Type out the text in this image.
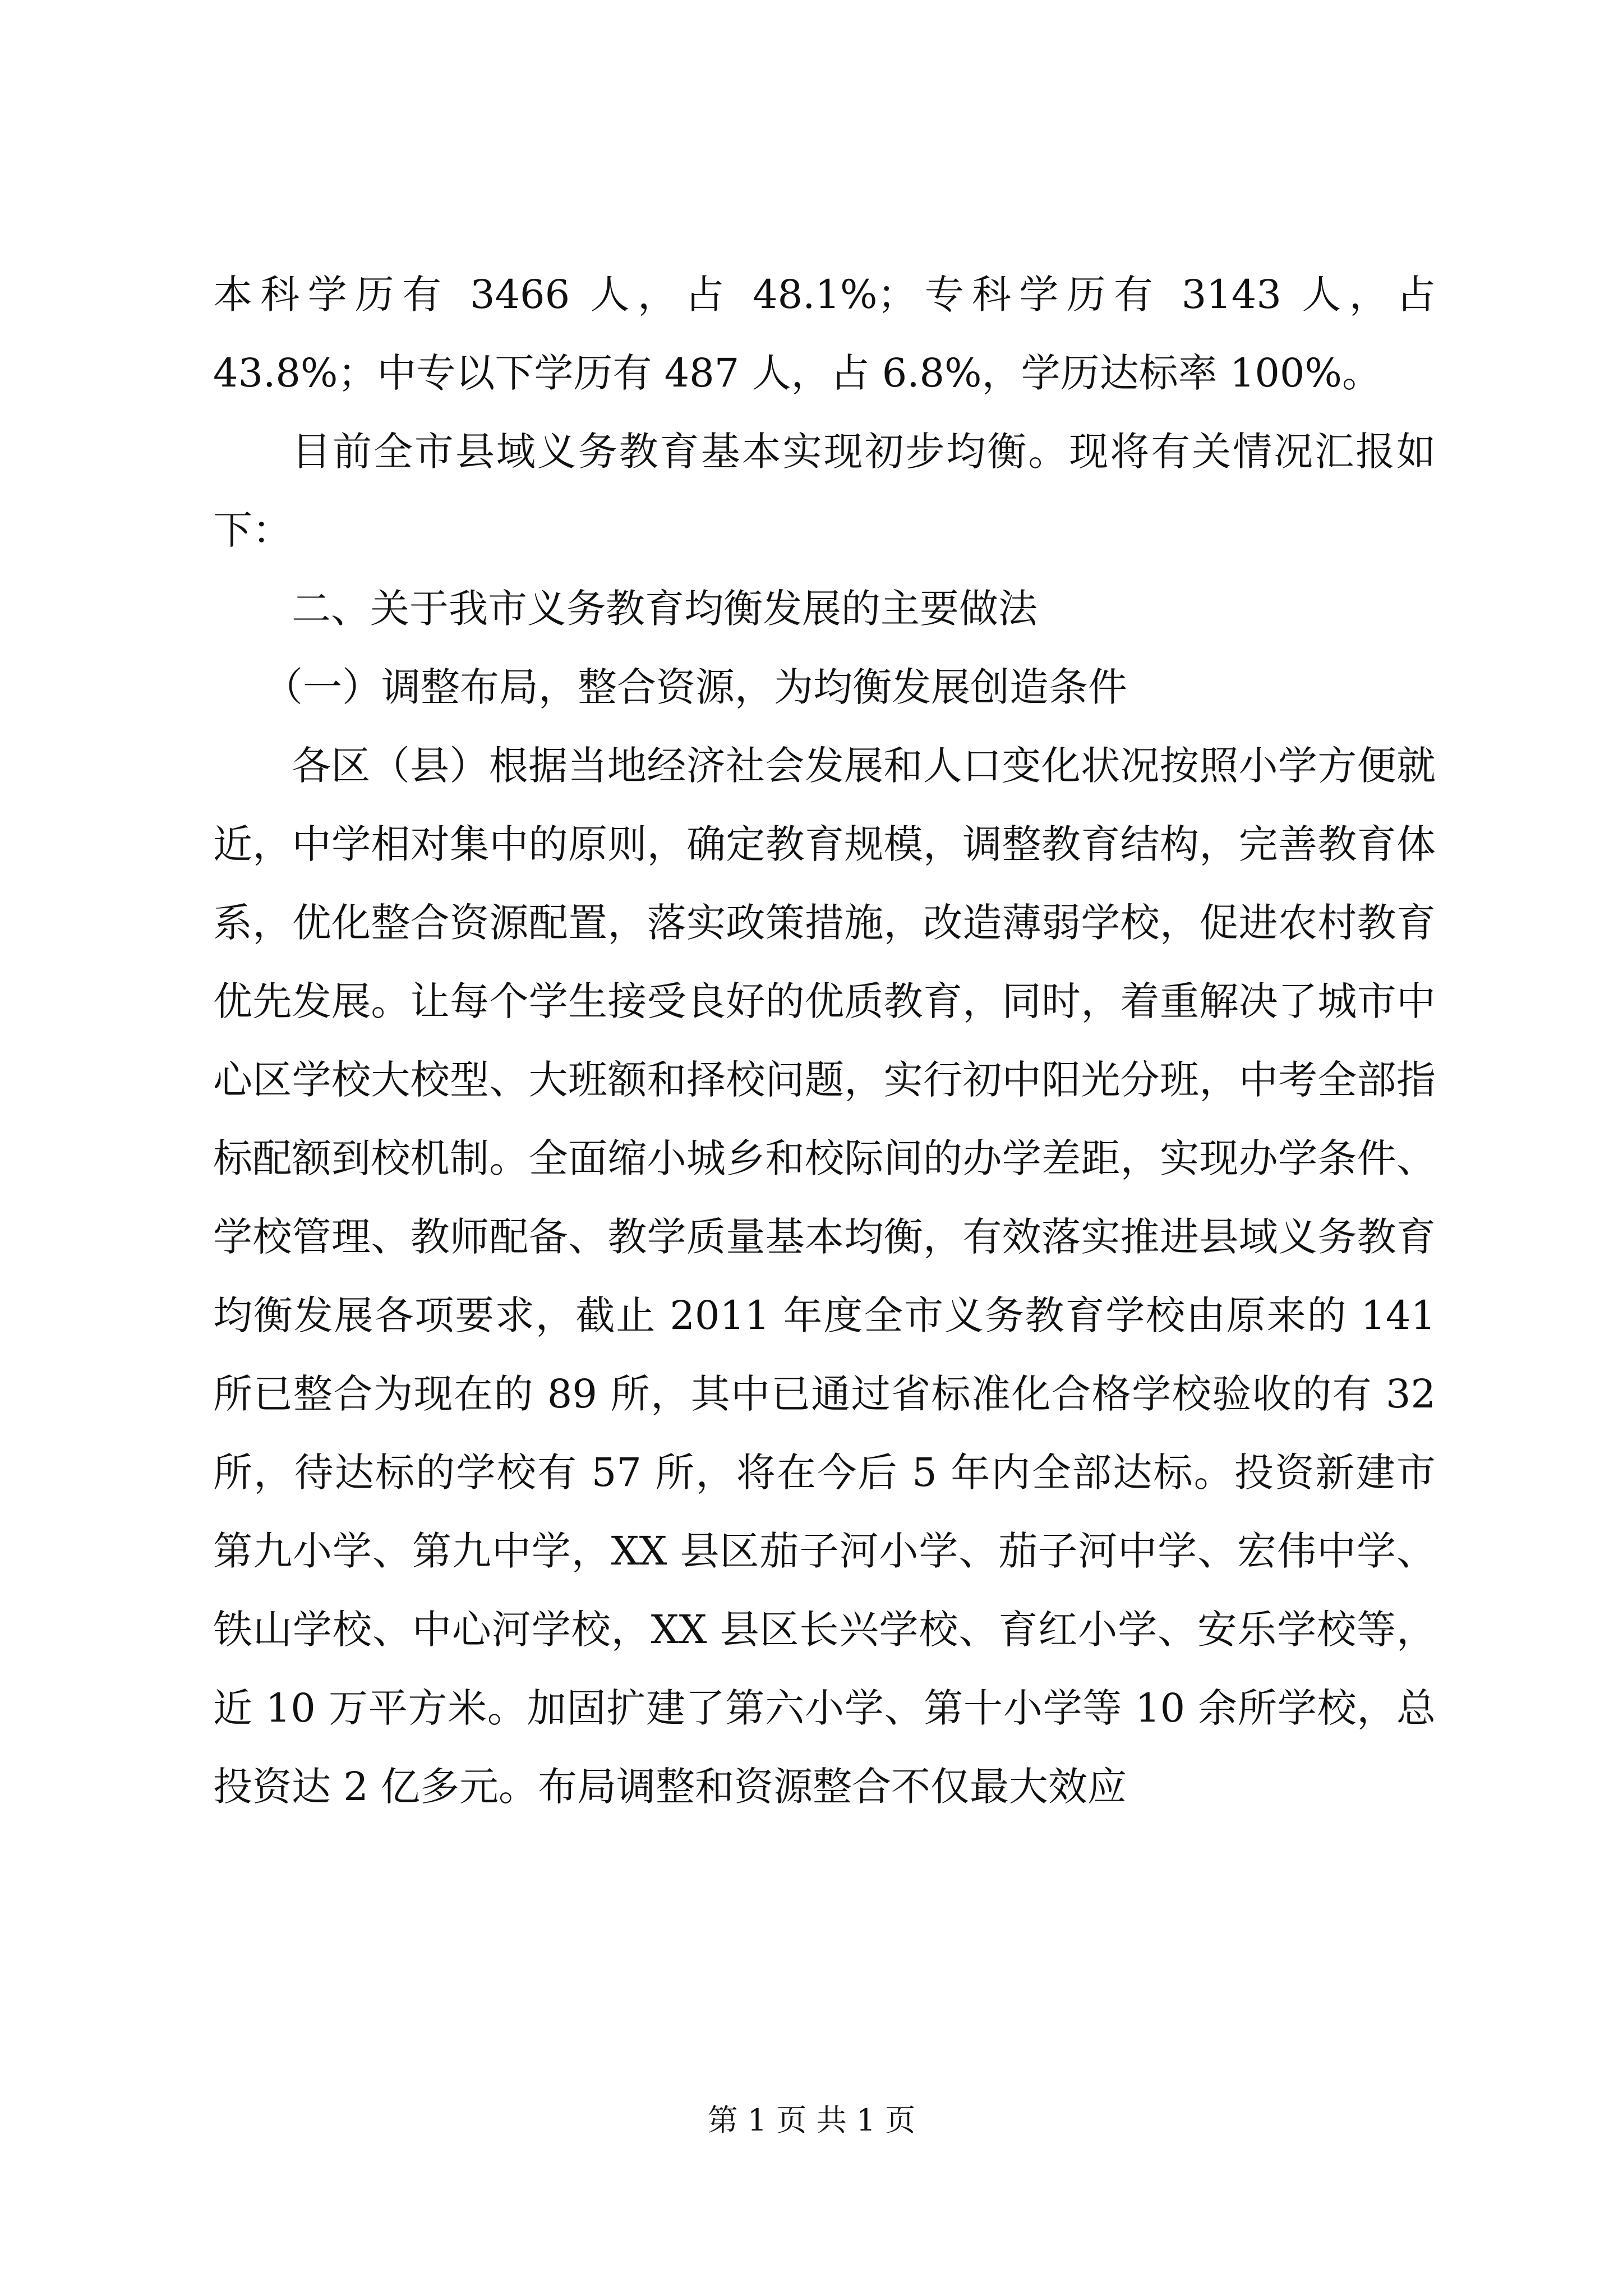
本科学历有 3466 人，占 48.1%；专科学历有 3143 人，占 43.8%；中专以下学历有 487 人，占 6.8%，学历达标率 100%。

目前全市县域义务教育基本实现初步均衡。现将有关情况汇报如下：

二、关于我市义务教育均衡发展的主要做法

（一）调整布局，整合资源，为均衡发展创造条件

各区（县）根据当地经济社会发展和人口变化状况按照小学方便就近，中学相对集中的原则，确定教育规模，调整教育结构，完善教育体系，优化整合资源配置，落实政策措施，改造薄弱学校，促进农村教育优先发展。让每个学生接受良好的优质教育，同时，着重解决了城市中心区学校大校型、大班额和择校问题，实行初中阳光分班，中考全部指标配额到校机制。全面缩小城乡和校际间的办学差距，实现办学条件、学校管理、教师配备、教学质量基本均衡，有效落实推进县域义务教育均衡发展各项要求，截止 2011 年度全市义务教育学校由原来的 141 所已整合为现在的 89 所，其中已通过省标准化合格学校验收的有 32 所，待达标的学校有 57 所，将在今后 5 年内全部达标。投资新建市第九小学、第九中学，XX 县区茄子河小学、茄子河中学、宏伟中学、铁山学校、中心河学校，XX 县区长兴学校、育红小学、安乐学校等，近 10 万平方米。加固扩建了第六小学、第十小学等 10 余所学校，总投资达 2 亿多元。布局调整和资源整合不仅最大效应

第 1 页 共 1 页
